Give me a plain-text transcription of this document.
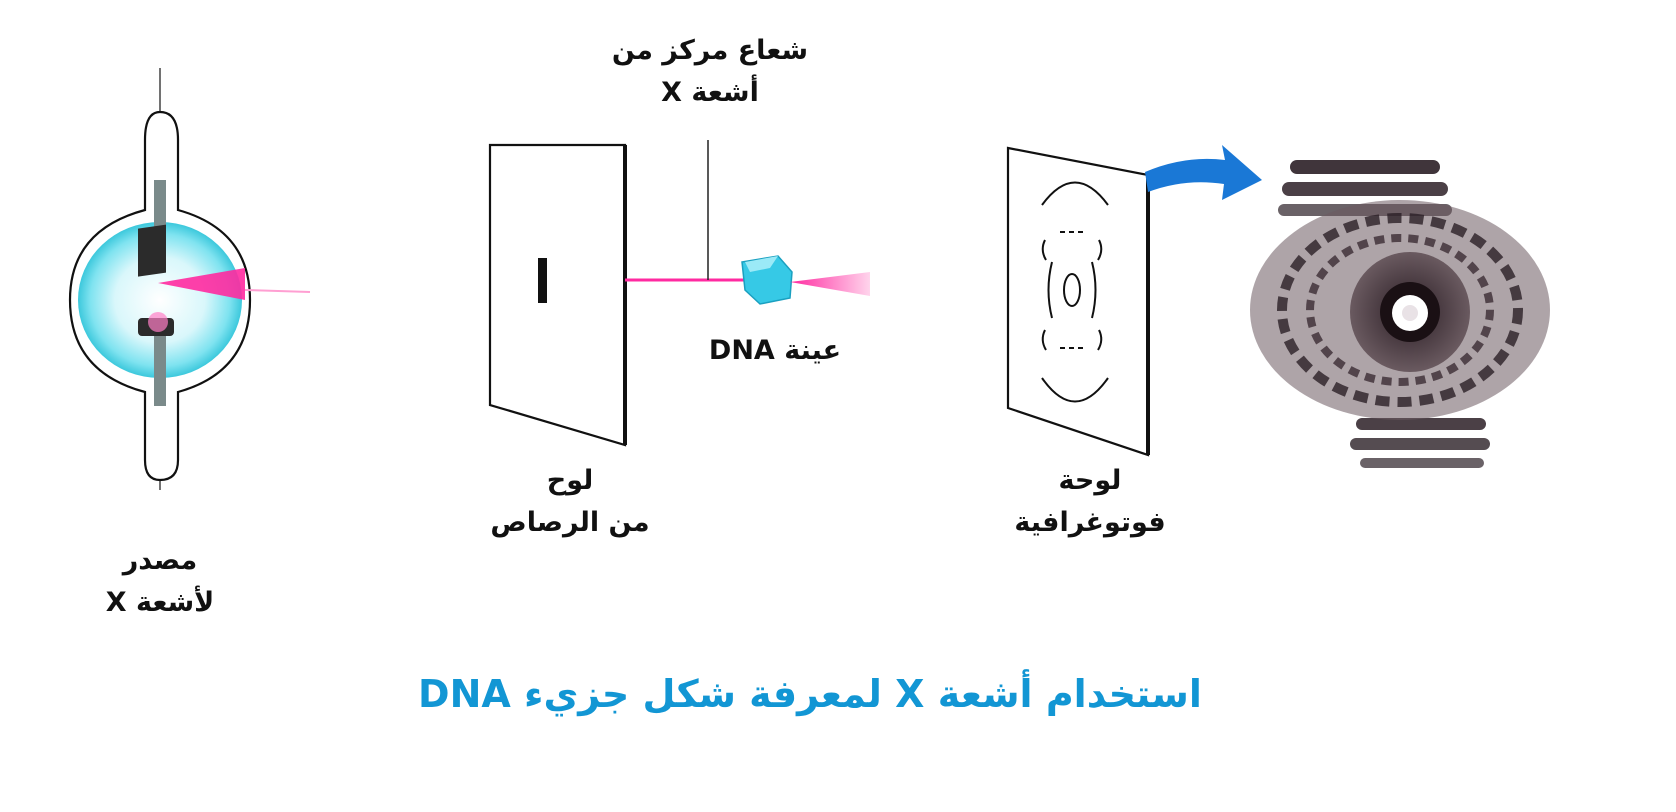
مصدر
لأشعة X
شعاع مركز من
أشعة X
لوح
من الرصاص
عينة DNA
لوحة
فوتوغرافية
استخدام أشعة X لمعرفة شكل جزيء DNA
